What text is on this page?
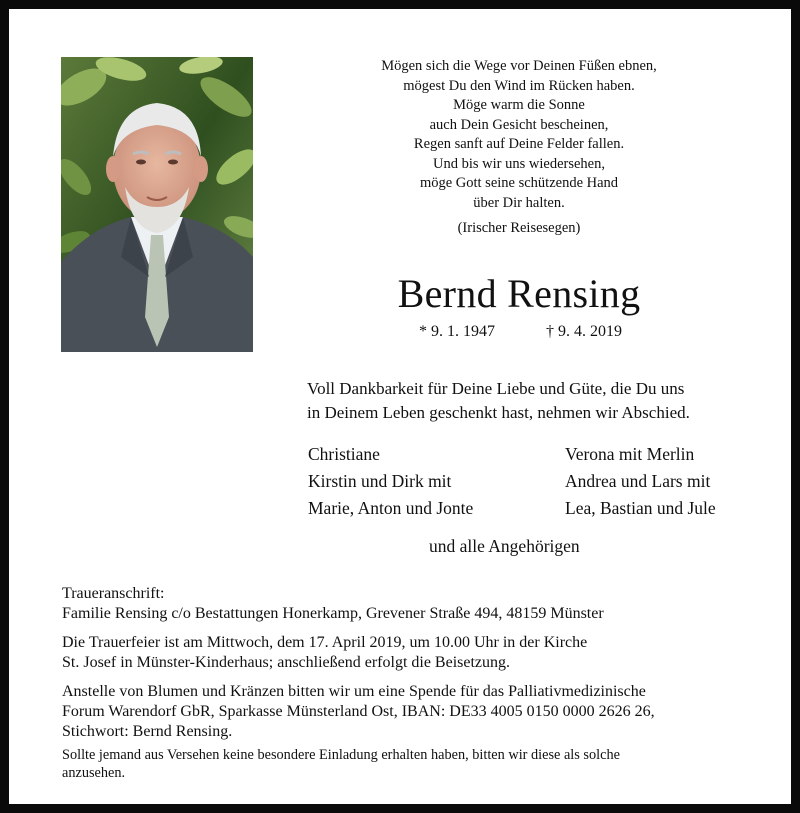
Mögen sich die Wege vor Deinen Füßen ebnen,
mögest Du den Wind im Rücken haben.
Möge warm die Sonne
auch Dein Gesicht bescheinen,
Regen sanft auf Deine Felder fallen.
Und bis wir uns wiedersehen,
möge Gott seine schützende Hand
über Dir halten.
(Irischer Reisesegen)
Bernd Rensing
* 9. 1. 1947	† 9. 4. 2019
Voll Dankbarkeit für Deine Liebe und Güte, die Du uns
in Deinem Leben geschenkt hast, nehmen wir Abschied.
Christiane
Kirstin und Dirk mit
Marie, Anton und Jonte
Verona mit Merlin
Andrea und Lars mit
Lea, Bastian und Jule
und alle Angehörigen

Traueranschrift:

Familie Rensing c/o Bestattungen Honerkamp, Grevener Straße 494, 48159 Münster

Die Trauerfeier ist am Mittwoch, dem 17. April 2019, um 10.00 Uhr in der Kirche

St. Josef in Münster-Kinderhaus; anschließend erfolgt die Beisetzung.

Anstelle von Blumen und Kränzen bitten wir um eine Spende für das Palliativmedizinische

Forum Warendorf GbR, Sparkasse Münsterland Ost, IBAN: DE33 4005 0150 0000 2626 26,

Stichwort: Bernd Rensing.

Sollte jemand aus Versehen keine besondere Einladung erhalten haben, bitten wir diese als solche

anzusehen.
